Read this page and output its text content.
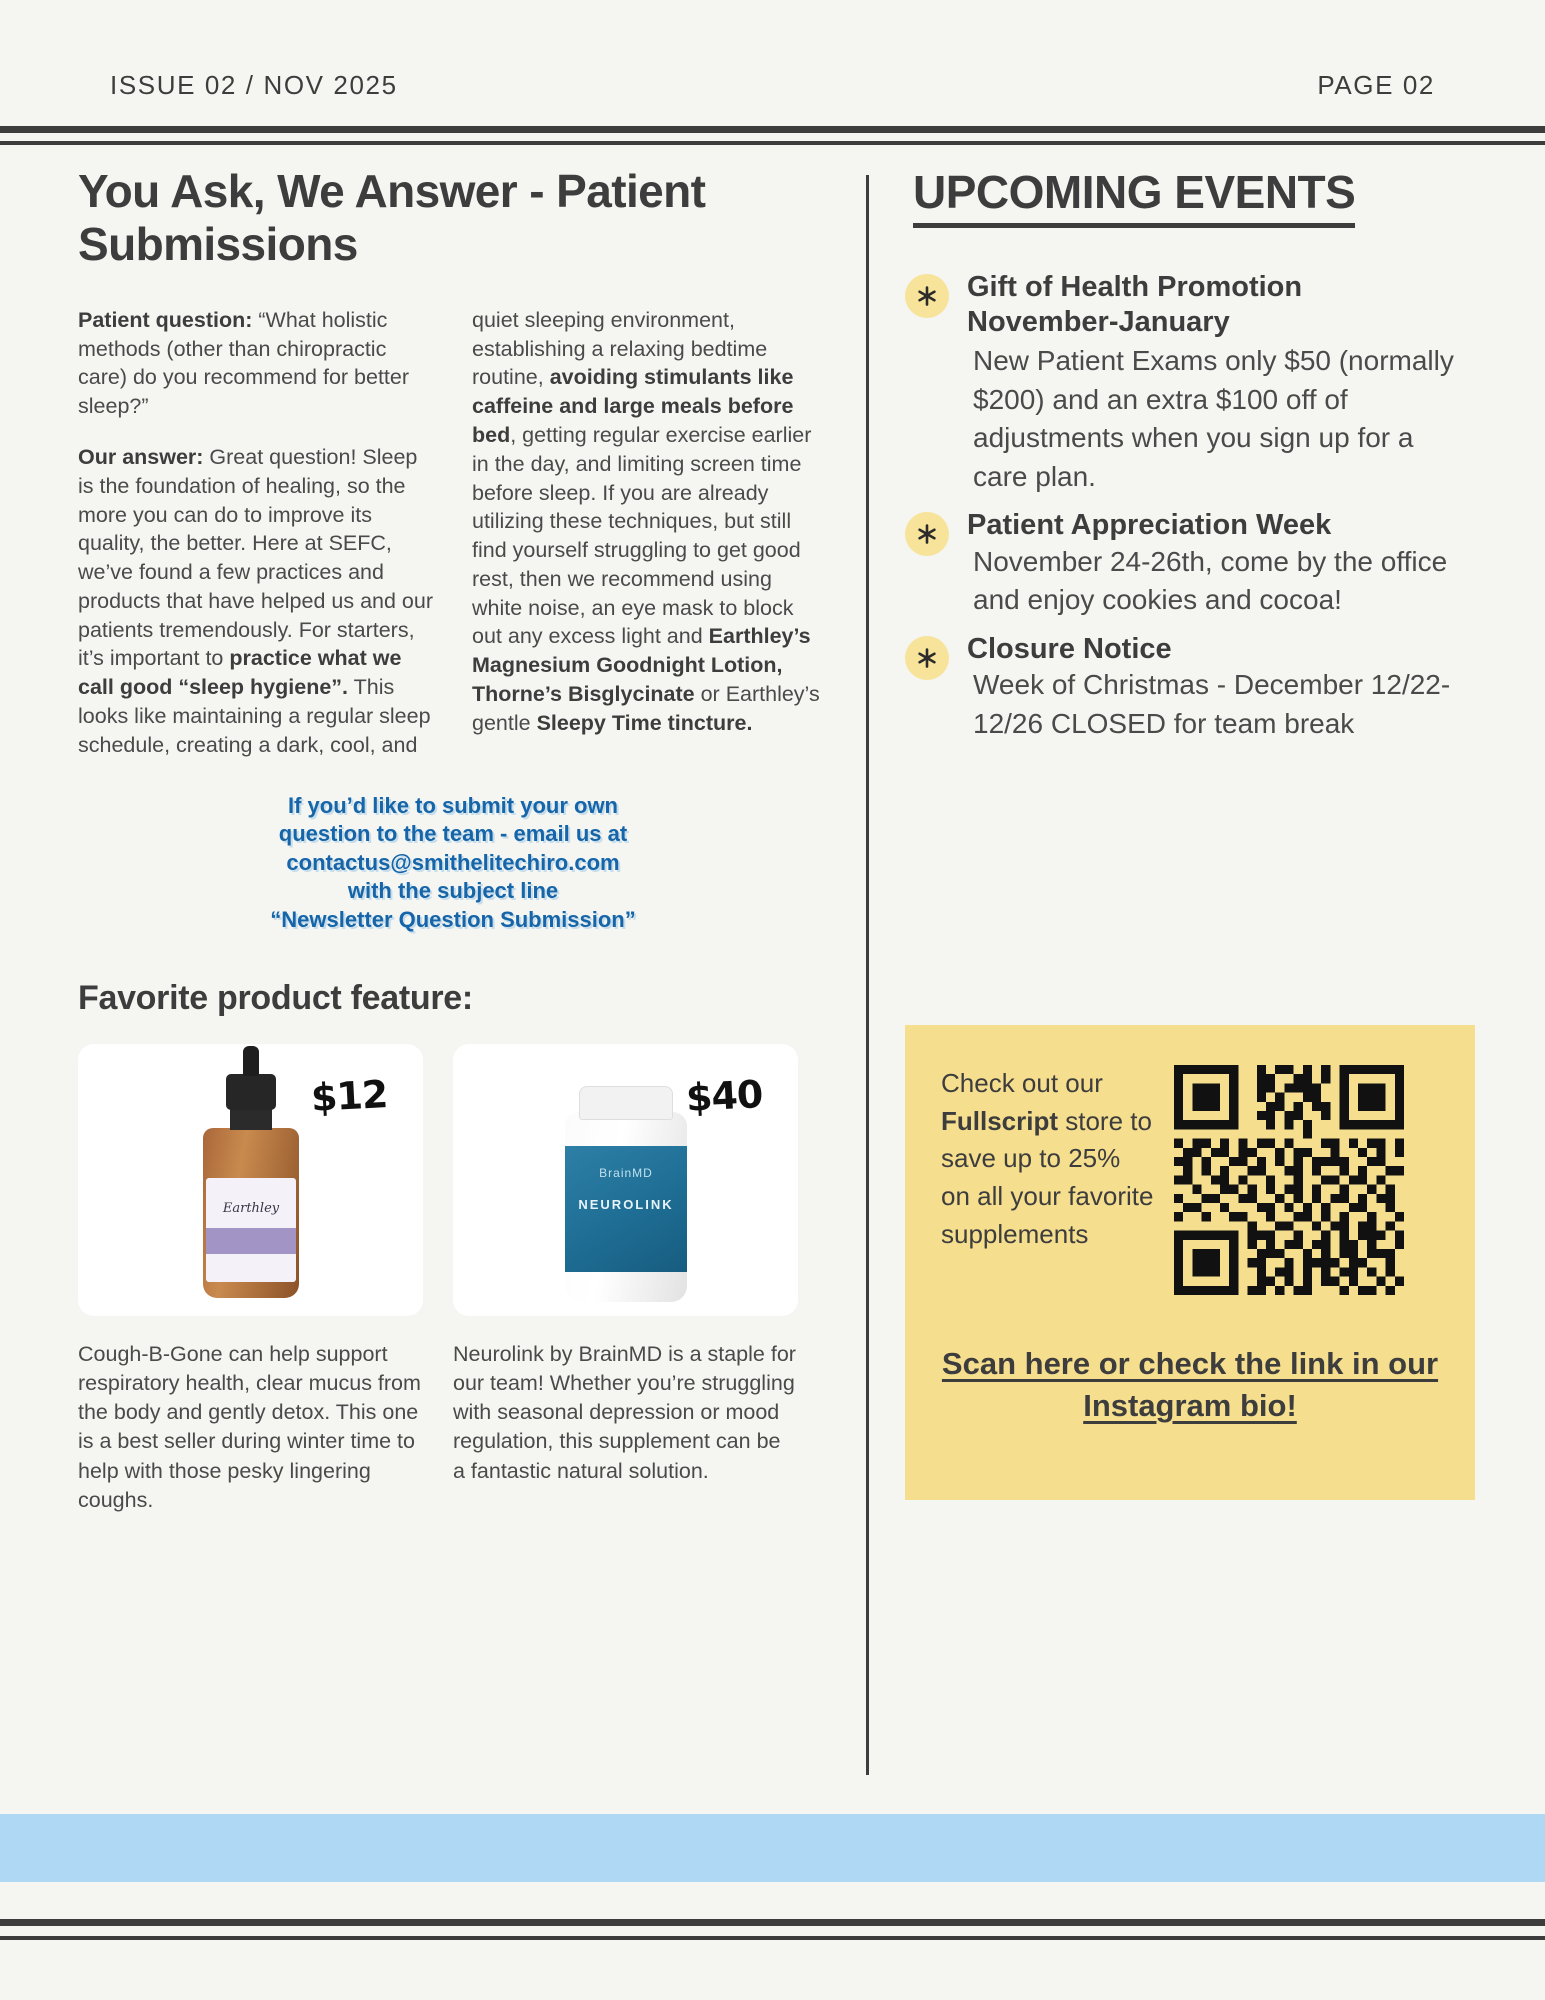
ISSUE 02 / NOV 2025	PAGE 02
You Ask, We Answer - Patient Submissions

Patient question: “What holistic methods (other than chiropractic care) do you recommend for better sleep?”

Our answer: Great question! Sleep is the foundation of healing, so the more you can do to improve its quality, the better. Here at SEFC, we’ve found a few practices and products that have helped us and our patients tremendously. For starters, it’s important to practice what we call good “sleep hygiene”. This looks like maintaining a regular sleep schedule, creating a dark, cool, and quiet sleeping environment, establishing a relaxing bedtime routine, avoiding stimulants like caffeine and large meals before bed, getting regular exercise earlier in the day, and limiting screen time before sleep. If you are already utilizing these techniques, but still find yourself struggling to get good rest, then we recommend using white noise, an eye mask to block out any excess light and Earthley’s Magnesium Goodnight Lotion, Thorne’s Bisglycinate or Earthley’s gentle Sleepy Time tincture.

If you’d like to submit your own
question to the team - email us at
contactus@smithelitechiro.com
with the subject line
“Newsletter Question Submission”
Favorite product feature:
Earthley
$12

Cough-B-Gone can help support respiratory health, clear mucus from the body and gently detox. This one is a best seller during winter time to help with those pesky lingering coughs.

BrainMD
NEUROLINK
$40

Neurolink by BrainMD is a staple for our team! Whether you’re struggling with seasonal depression or mood regulation, this supplement can be a fantastic natural solution.

UPCOMING EVENTS
Gift of Health Promotion
November-January
New Patient Exams only $50 (normally $200) and an extra $100 off of adjustments when you sign up for a care plan.
Patient Appreciation Week
November 24-26th, come by the office and enjoy cookies and cocoa!
Closure Notice
Week of Christmas - December 12/22-12/26 CLOSED for team break
Check out our Fullscript store to save up to 25% on all your favorite supplements
Scan here or check the link in our Instagram bio!
